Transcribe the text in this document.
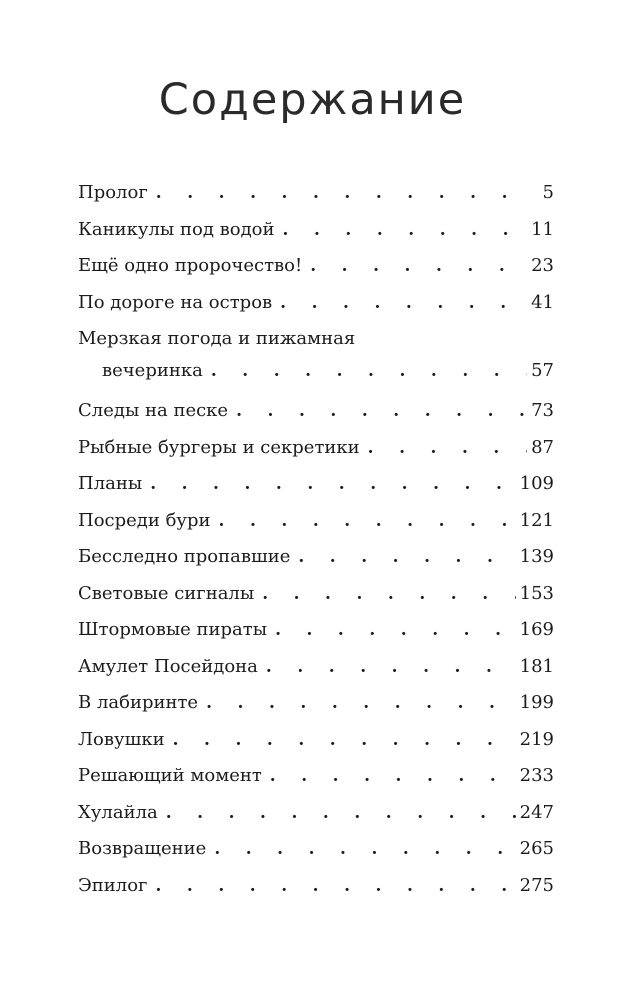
Содержание
Пролог . . .	5
Каникулы под водой . . .	11
Ещё одно пророчество! . . .	23
По дороге на остров . . .	41
Мерзкая погода и пижамная
вечеринка . . .	57
Следы на песке . . .	73
Рыбные бургеры и секретики . . .	87
Планы . . .	109
Посреди бури . . .	121
Бесследно пропавшие . . .	139
Световые сигналы . . .	153
Штормовые пираты . . .	169
Амулет Посейдона . . .	181
В лабиринте . . .	199
Ловушки . . .	219
Решающий момент . . .	233
Хулайла . . .	247
Возвращение . . .	265
Эпилог . . .	275
